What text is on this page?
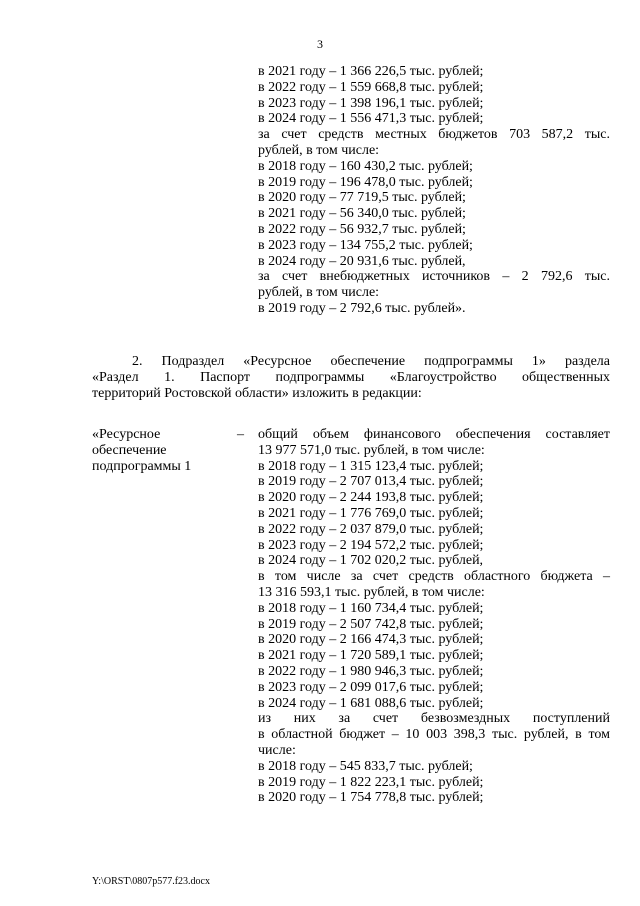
3
в 2021 году – 1 366 226,5 тыс. рублей;
в 2022 году – 1 559 668,8 тыс. рублей;
в 2023 году – 1 398 196,1 тыс. рублей;
в 2024 году – 1 556 471,3 тыс. рублей;
за счет средств местных бюджетов 703 587,2 тыс.
рублей, в том числе:
в 2018 году – 160 430,2 тыс. рублей;
в 2019 году – 196 478,0 тыс. рублей;
в 2020 году – 77 719,5 тыс. рублей;
в 2021 году – 56 340,0 тыс. рублей;
в 2022 году – 56 932,7 тыс. рублей;
в 2023 году – 134 755,2 тыс. рублей;
в 2024 году – 20 931,6 тыс. рублей,
за счет внебюджетных источников – 2 792,6 тыс.
рублей, в том числе:
в 2019 году – 2 792,6 тыс. рублей».
2. Подраздел «Ресурсное обеспечение подпрограммы 1» раздела
«Раздел 1. Паспорт подпрограммы «Благоустройство общественных
территорий Ростовской области» изложить в редакции:
«Ресурсное
обеспечение
подпрограммы 1
– общий объем финансового обеспечения составляет
13 977 571,0 тыс. рублей, в том числе:
в 2018 году – 1 315 123,4 тыс. рублей;
в 2019 году – 2 707 013,4 тыс. рублей;
в 2020 году – 2 244 193,8 тыс. рублей;
в 2021 году – 1 776 769,0 тыс. рублей;
в 2022 году – 2 037 879,0 тыс. рублей;
в 2023 году – 2 194 572,2 тыс. рублей;
в 2024 году – 1 702 020,2 тыс. рублей,
в том числе за счет средств областного бюджета –
13 316 593,1 тыс. рублей, в том числе:
в 2018 году – 1 160 734,4 тыс. рублей;
в 2019 году – 2 507 742,8 тыс. рублей;
в 2020 году – 2 166 474,3 тыс. рублей;
в 2021 году – 1 720 589,1 тыс. рублей;
в 2022 году – 1 980 946,3 тыс. рублей;
в 2023 году – 2 099 017,6 тыс. рублей;
в 2024 году – 1 681 088,6 тыс. рублей;
из них за счет безвозмездных поступлений
в областной бюджет – 10 003 398,3 тыс. рублей, в том
числе:
в 2018 году – 545 833,7 тыс. рублей;
в 2019 году – 1 822 223,1 тыс. рублей;
в 2020 году – 1 754 778,8 тыс. рублей;
Y:\ORST\0807p577.f23.docx
